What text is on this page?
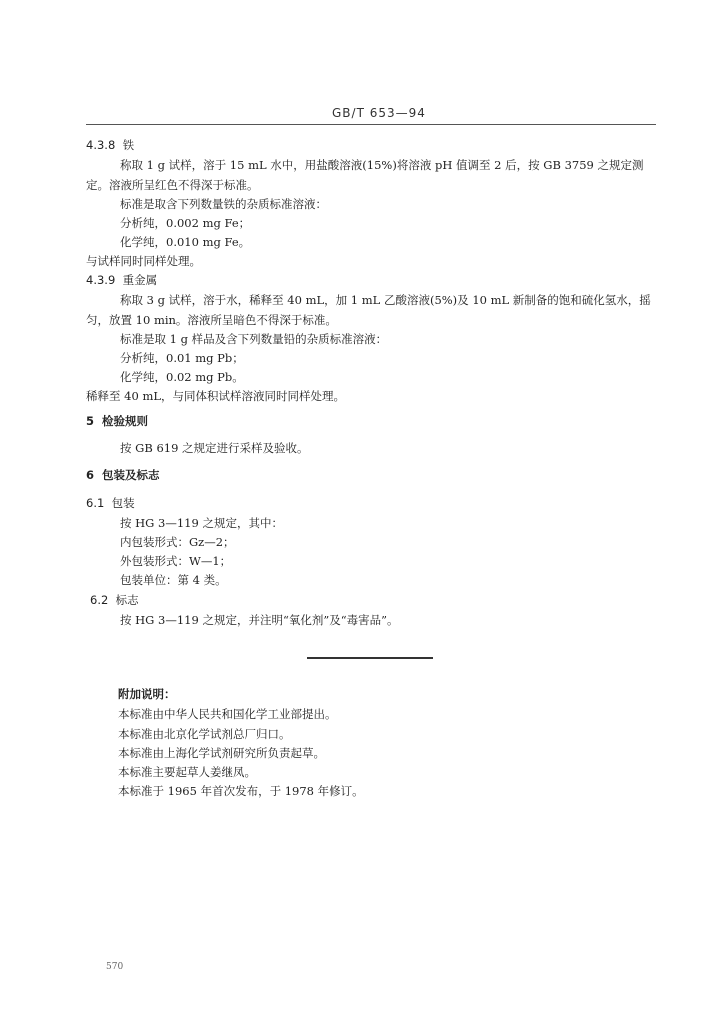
GB/T 653—94
4.3.8 铁
称取 1 g 试样，溶于 15 mL 水中，用盐酸溶液(15%)将溶液 pH 值调至 2 后，按 GB 3759 之规定测
定。溶液所呈红色不得深于标准。
标准是取含下列数量铁的杂质标准溶液：
分析纯，0.002 mg Fe；
化学纯，0.010 mg Fe。
与试样同时同样处理。
4.3.9 重金属
称取 3 g 试样，溶于水，稀释至 40 mL，加 1 mL 乙酸溶液(5%)及 10 mL 新制备的饱和硫化氢水，摇
匀，放置 10 min。溶液所呈暗色不得深于标准。
标准是取 1 g 样品及含下列数量铅的杂质标准溶液：
分析纯，0.01 mg Pb；
化学纯，0.02 mg Pb。
稀释至 40 mL，与同体积试样溶液同时同样处理。
5 检验规则
按 GB 619 之规定进行采样及验收。
6 包装及标志
6.1 包装
按 HG 3—119 之规定，其中：
内包装形式：Gz—2；
外包装形式：W—1；
包装单位：第 4 类。
6.2 标志
按 HG 3—119 之规定，并注明“氧化剂”及“毒害品”。
附加说明：
本标准由中华人民共和国化学工业部提出。
本标准由北京化学试剂总厂归口。
本标准由上海化学试剂研究所负责起草。
本标准主要起草人姜继凤。
本标准于 1965 年首次发布，于 1978 年修订。
570
